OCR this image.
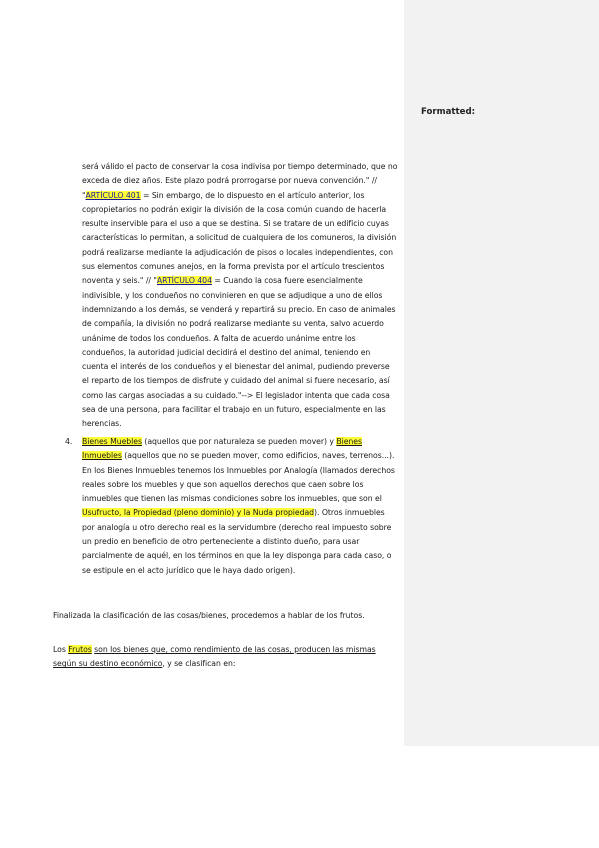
Formatted:

será válido el pacto de conservar la cosa indivisa por tiempo determinado, que no exceda de diez años. Este plazo podrá prorrogarse por nueva convención." // "ARTÍCULO 401 = Sin embargo, de lo dispuesto en el artículo anterior, los copropietarios no podrán exigir la división de la cosa común cuando de hacerla resulte inservible para el uso a que se destina. Si se tratare de un edificio cuyas características lo permitan, a solicitud de cualquiera de los comuneros, la división podrá realizarse mediante la adjudicación de pisos o locales independientes, con sus elementos comunes anejos, en la forma prevista por el artículo trescientos noventa y seis." // "ARTÍCULO 404 = Cuando la cosa fuere esencialmente indivisible, y los condueños no convinieren en que se adjudique a uno de ellos indemnizando a los demás, se venderá y repartirá su precio. En caso de animales de compañía, la división no podrá realizarse mediante su venta, salvo acuerdo unánime de todos los condueños. A falta de acuerdo unánime entre los condueños, la autoridad judicial decidirá el destino del animal, teniendo en cuenta el interés de los condueños y el bienestar del animal, pudiendo preverse el reparto de los tiempos de disfrute y cuidado del animal si fuere necesario, así como las cargas asociadas a su cuidado."--> El legislador intenta que cada cosa sea de una persona, para facilitar el trabajo en un futuro, especialmente en las herencias.

4. Bienes Muebles (aquellos que por naturaleza se pueden mover) y Bienes Inmuebles (aquellos que no se pueden mover, como edificios, naves, terrenos...). En los Bienes Inmuebles tenemos los Inmuebles por Analogía (llamados derechos reales sobre los muebles y que son aquellos derechos que caen sobre los inmuebles que tienen las mismas condiciones sobre los inmuebles, que son el Usufructo, la Propiedad (pleno dominio) y la Nuda propiedad). Otros inmuebles por analogía u otro derecho real es la servidumbre (derecho real impuesto sobre un predio en beneficio de otro perteneciente a distinto dueño, para usar parcialmente de aquél, en los términos en que la ley disponga para cada caso, o se estipule en el acto jurídico que le haya dado origen).

Finalizada la clasificación de las cosas/bienes, procedemos a hablar de los frutos.

Los Frutos son los bienes que, como rendimiento de las cosas, producen las mismas según su destino económico, y se clasifican en:
